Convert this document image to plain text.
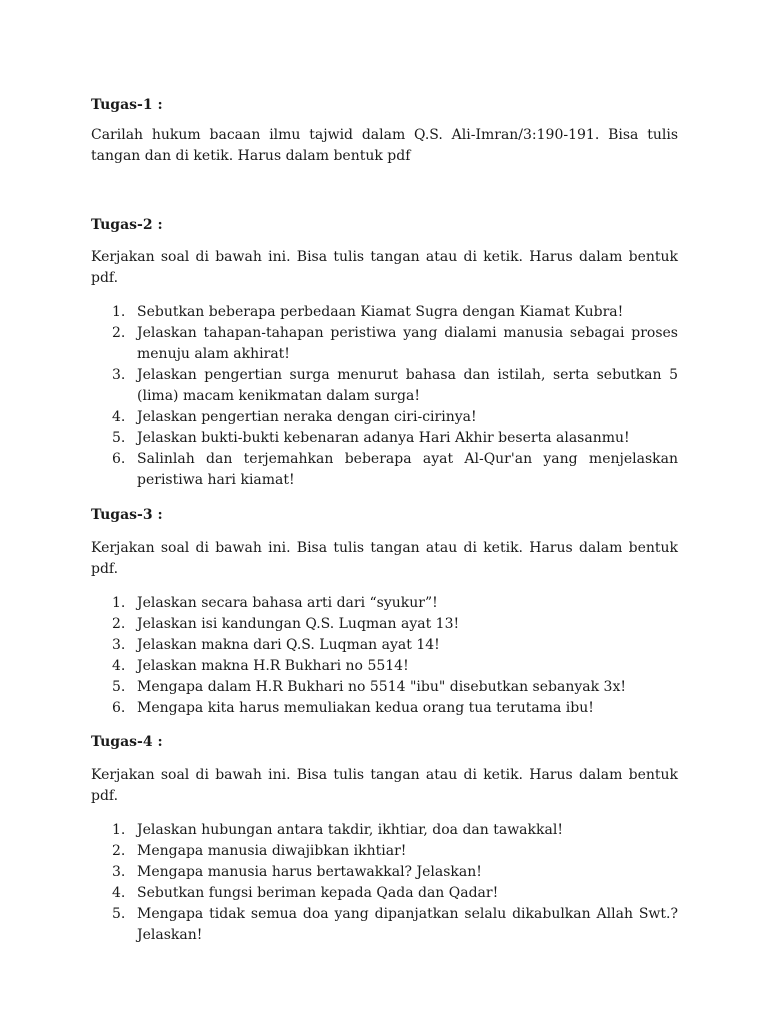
Tugas-1 :

Carilah hukum bacaan ilmu tajwid dalam Q.S. Ali-Imran/3:190-191. Bisa tulis tangan dan di ketik. Harus dalam bentuk pdf

Tugas-2 :

Kerjakan soal di bawah ini. Bisa tulis tangan atau di ketik. Harus dalam bentuk pdf.

1. Sebutkan beberapa perbedaan Kiamat Sugra dengan Kiamat Kubra!
2. Jelaskan tahapan-tahapan peristiwa yang dialami manusia sebagai proses menuju alam akhirat!
3. Jelaskan pengertian surga menurut bahasa dan istilah, serta sebutkan 5 (lima) macam kenikmatan dalam surga!
4. Jelaskan pengertian neraka dengan ciri-cirinya!
5. Jelaskan bukti-bukti kebenaran adanya Hari Akhir beserta alasanmu!
6. Salinlah dan terjemahkan beberapa ayat Al-Qur'an yang menjelaskan peristiwa hari kiamat!

Tugas-3 :

Kerjakan soal di bawah ini. Bisa tulis tangan atau di ketik. Harus dalam bentuk pdf.

1. Jelaskan secara bahasa arti dari “syukur”!
2. Jelaskan isi kandungan Q.S. Luqman ayat 13!
3. Jelaskan makna dari Q.S. Luqman ayat 14!
4. Jelaskan makna H.R Bukhari no 5514!
5. Mengapa dalam H.R Bukhari no 5514 "ibu" disebutkan sebanyak 3x!
6. Mengapa kita harus memuliakan kedua orang tua terutama ibu!

Tugas-4 :

Kerjakan soal di bawah ini. Bisa tulis tangan atau di ketik. Harus dalam bentuk pdf.

1. Jelaskan hubungan antara takdir, ikhtiar, doa dan tawakkal!
2. Mengapa manusia diwajibkan ikhtiar!
3. Mengapa manusia harus bertawakkal? Jelaskan!
4. Sebutkan fungsi beriman kepada Qada dan Qadar!
5. Mengapa tidak semua doa yang dipanjatkan selalu dikabulkan Allah Swt.? Jelaskan!
